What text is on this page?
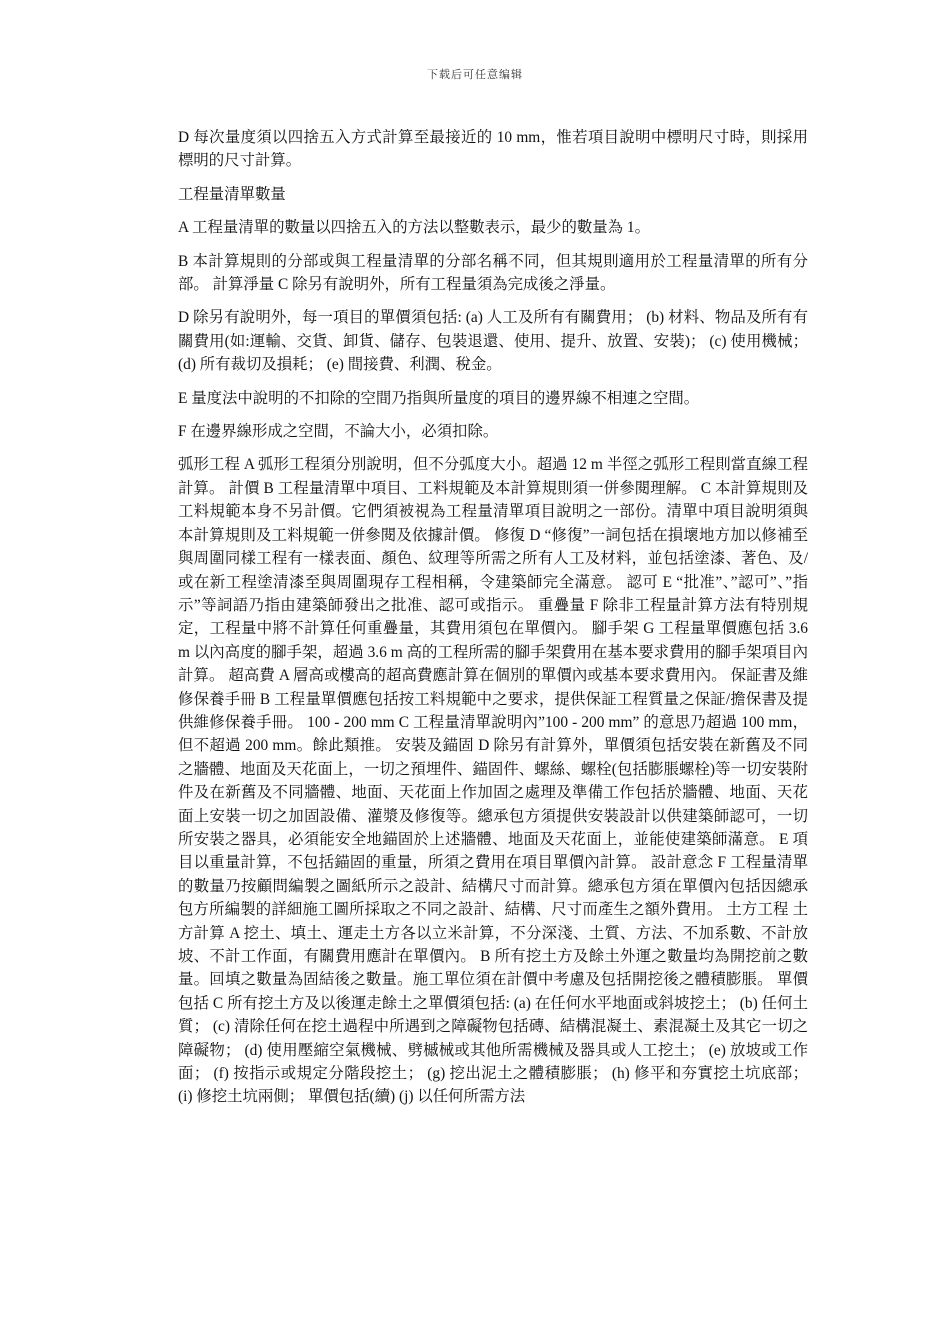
下载后可任意编辑

D 每次量度須以四捨五入方式計算至最接近的 10 mm，惟若項目說明中標明尺寸時，則採用標明的尺寸計算。

工程量清單數量

A 工程量清單的數量以四捨五入的方法以整數表示，最少的數量為 1。

B 本計算規則的分部或與工程量清單的分部名稱不同，但其規則適用於工程量清單的所有分部。 計算淨量 C 除另有說明外，所有工程量須為完成後之淨量。

D 除另有說明外，每一項目的單價須包括: (a) 人工及所有有關費用； (b) 材料、物品及所有有關費用(如:運輸、交貨、卸貨、儲存、包裝退還、使用、提升、放置、安裝)； (c) 使用機械； (d) 所有裁切及損耗； (e) 間接費、利潤、稅金。

E 量度法中說明的不扣除的空間乃指與所量度的項目的邊界線不相連之空間。

F 在邊界線形成之空間，不論大小，必須扣除。

弧形工程 A 弧形工程須分別說明，但不分弧度大小。超過 12 m 半徑之弧形工程則當直線工程計算。 計價 B 工程量清單中項目、工料規範及本計算規則須一併參閱理解。 C 本計算規則及工料規範本身不另計價。它們須被視為工程量清單項目說明之一部份。清單中項目說明須與本計算規則及工料規範一併參閱及依據計價。 修復 D “修復”一詞包括在損壞地方加以修補至與周圍同樣工程有一樣表面、顏色、紋理等所需之所有人工及材料，並包括塗漆、著色、及/或在新工程塗清漆至與周圍現存工程相稱，令建築師完全滿意。 認可 E “批准”、”認可”、”指示”等詞語乃指由建築師發出之批准、認可或指示。 重疊量 F 除非工程量計算方法有特別規定，工程量中將不計算任何重疊量，其費用須包在單價內。 腳手架 G 工程量單價應包括 3.6 m 以內高度的腳手架，超過 3.6 m 高的工程所需的腳手架費用在基本要求費用的腳手架項目內計算。 超高費 A 層高或樓高的超高費應計算在個別的單價內或基本要求費用內。 保証書及維修保養手冊 B 工程量單價應包括按工料規範中之要求，提供保証工程質量之保証/擔保書及提供維修保養手冊。 100 - 200 mm C 工程量清單說明內”100 - 200 mm” 的意思乃超過 100 mm，但不超過 200 mm。餘此類推。 安裝及錨固 D 除另有計算外，單價須包括安裝在新舊及不同之牆體、地面及天花面上，一切之預埋件、錨固件、螺絲、螺栓(包括膨脹螺栓)等一切安裝附件及在新舊及不同牆體、地面、天花面上作加固之處理及準備工作包括於牆體、地面、天花面上安裝一切之加固設備、灌漿及修復等。總承包方須提供安裝設計以供建築師認可，一切所安裝之器具，必須能安全地錨固於上述牆體、地面及天花面上，並能使建築師滿意。 E 項目以重量計算，不包括錨固的重量，所須之費用在項目單價內計算。 設計意念 F 工程量清單的數量乃按顧問編製之圖紙所示之設計、結構尺寸而計算。總承包方須在單價內包括因總承包方所編製的詳細施工圖所採取之不同之設計、結構、尺寸而產生之額外費用。 土方工程 土方計算 A 挖土、填土、運走土方各以立米計算，不分深淺、土質、方法、不加系數、不計放坡、不計工作面，有關費用應計在單價內。 B 所有挖土方及餘土外運之數量均為開挖前之數量。回填之數量為固結後之數量。施工單位須在計價中考慮及包括開挖後之體積膨脹。 單價包括 C 所有挖土方及以後運走餘土之單價須包括: (a) 在任何水平地面或斜坡挖土； (b) 任何土質； (c) 清除任何在挖土過程中所遇到之障礙物包括磚、結構混凝土、素混凝土及其它一切之障礙物； (d) 使用壓縮空氣機械、劈槭械或其他所需機械及器具或人工挖土； (e) 放坡或工作面； (f) 按指示或規定分階段挖土； (g) 挖出泥土之體積膨脹； (h) 修平和夯實挖土坑底部； (i) 修挖土坑兩側； 單價包括(續) (j) 以任何所需方法
